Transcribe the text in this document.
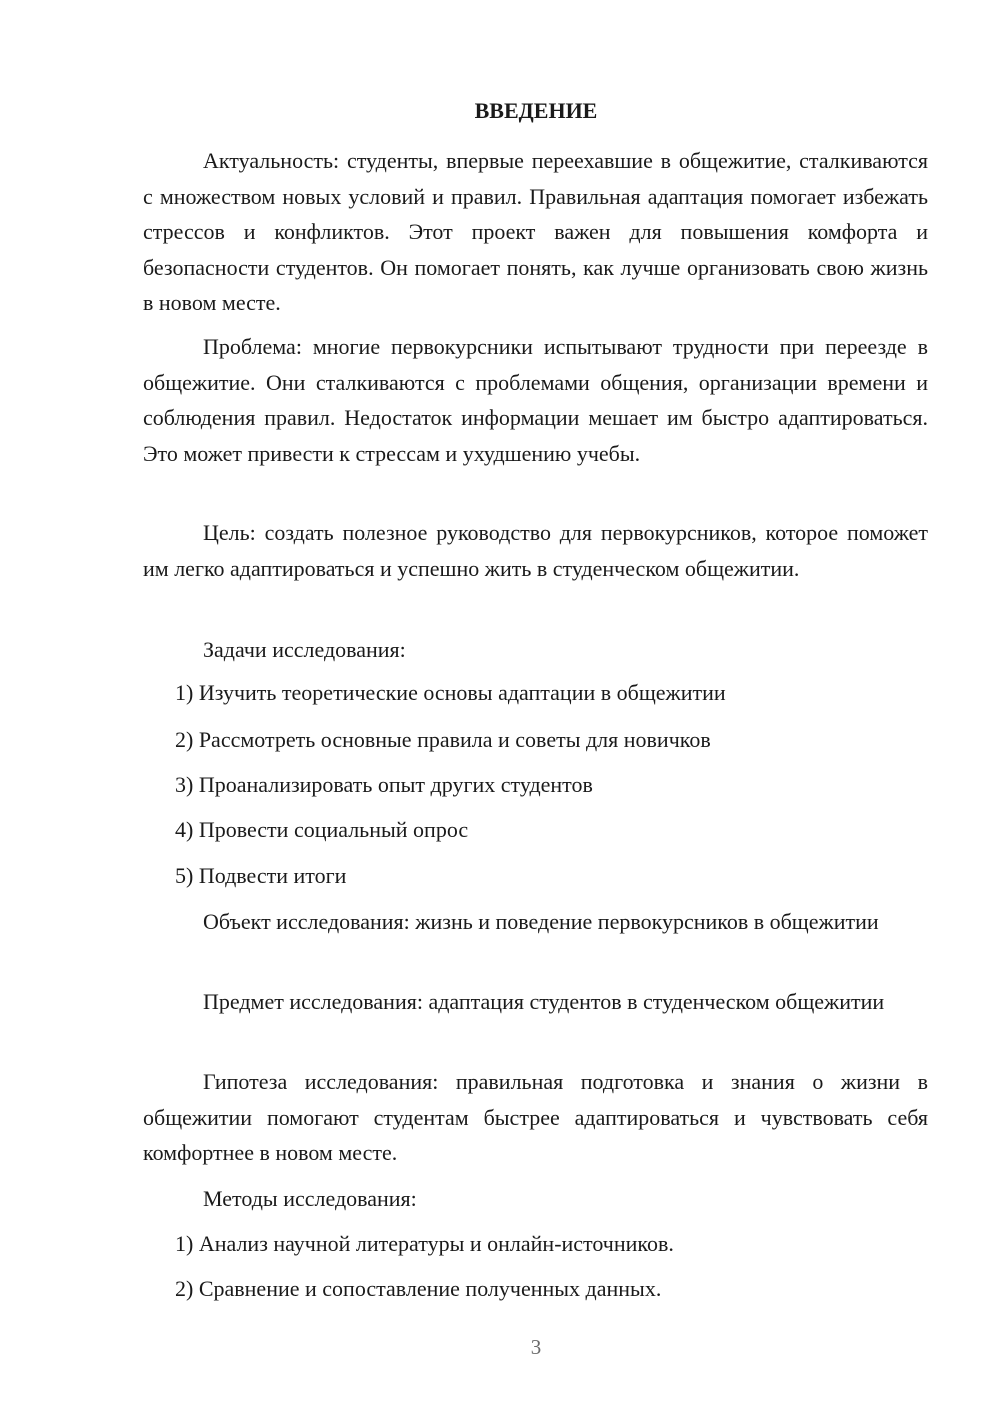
ВВЕДЕНИЕ

Актуальность: студенты, впервые переехавшие в общежитие, сталкиваются с множеством новых условий и правил. Правильная адаптация помогает избежать стрессов и конфликтов. Этот проект важен для повышения комфорта и безопасности студентов. Он помогает понять, как лучше организовать свою жизнь в новом месте.

Проблема: многие первокурсники испытывают трудности при переезде в общежитие. Они сталкиваются с проблемами общения, организации времени и соблюдения правил. Недостаток информации мешает им быстро адаптироваться. Это может привести к стрессам и ухудшению учебы.

Цель: создать полезное руководство для первокурсников, которое поможет им легко адаптироваться и успешно жить в студенческом общежитии.

Задачи исследования:

1) Изучить теоретические основы адаптации в общежитии

2) Рассмотреть основные правила и советы для новичков

3) Проанализировать опыт других студентов

4) Провести социальный опрос

5) Подвести итоги

Объект исследования: жизнь и поведение первокурсников в общежитии

Предмет исследования: адаптация студентов в студенческом общежитии

Гипотеза исследования: правильная подготовка и знания о жизни в общежитии помогают студентам быстрее адаптироваться и чувствовать себя комфортнее в новом месте.

Методы исследования:

1) Анализ научной литературы и онлайн-источников.

2) Сравнение и сопоставление полученных данных.

3
